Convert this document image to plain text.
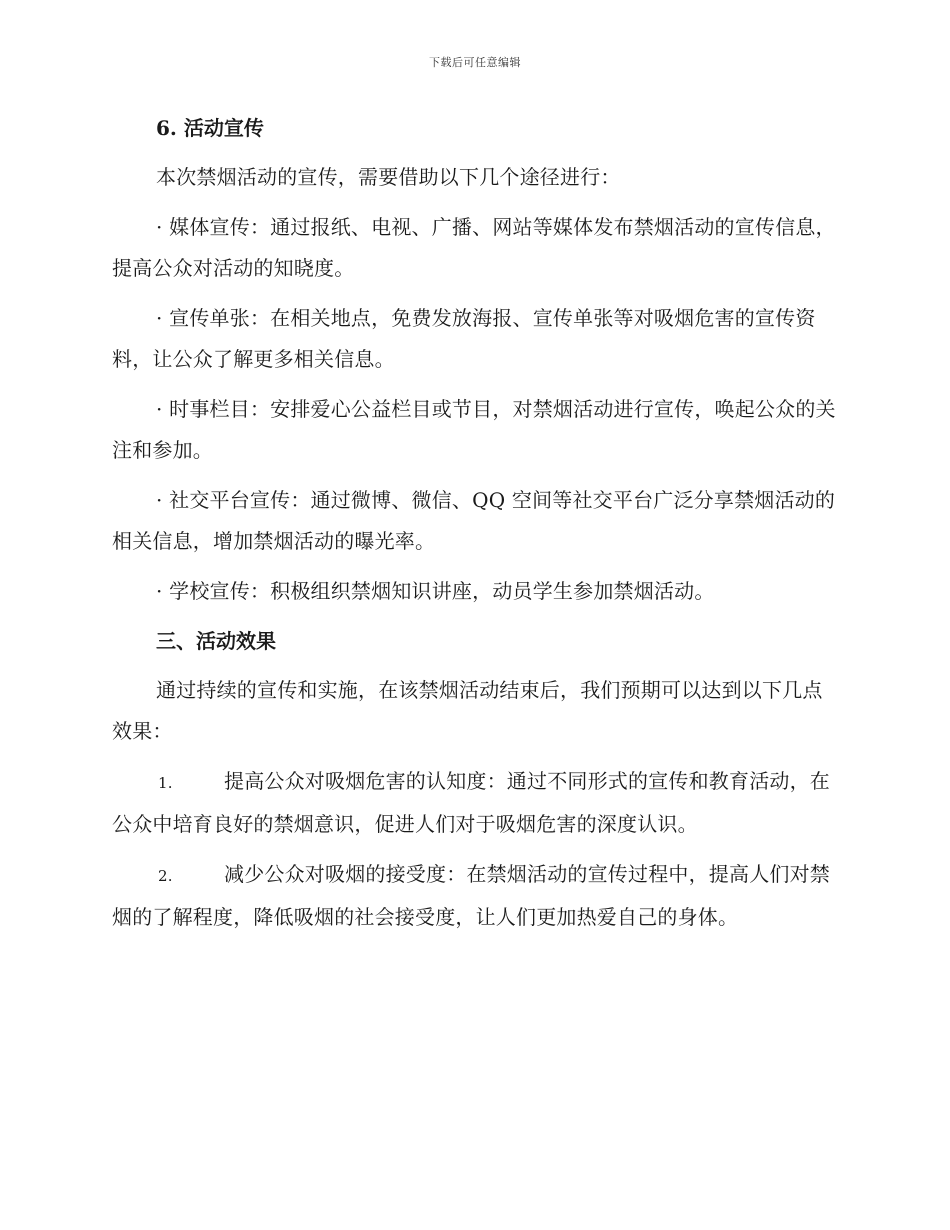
下载后可任意编辑
6. 活动宣传

本次禁烟活动的宣传，需要借助以下几个途径进行：

· 媒体宣传：通过报纸、电视、广播、网站等媒体发布禁烟活动的宣传信息，提高公众对活动的知晓度。

· 宣传单张：在相关地点，免费发放海报、宣传单张等对吸烟危害的宣传资料，让公众了解更多相关信息。

· 时事栏目：安排爱心公益栏目或节目，对禁烟活动进行宣传，唤起公众的关注和参加。

· 社交平台宣传：通过微博、微信、QQ 空间等社交平台广泛分享禁烟活动的相关信息，增加禁烟活动的曝光率。

· 学校宣传：积极组织禁烟知识讲座，动员学生参加禁烟活动。

三、活动效果

通过持续的宣传和实施，在该禁烟活动结束后，我们预期可以达到以下几点效果：

1.	提高公众对吸烟危害的认知度：通过不同形式的宣传和教育活动，在公众中培育良好的禁烟意识，促进人们对于吸烟危害的深度认识。

2.	减少公众对吸烟的接受度：在禁烟活动的宣传过程中，提高人们对禁烟的了解程度，降低吸烟的社会接受度，让人们更加热爱自己的身体。
